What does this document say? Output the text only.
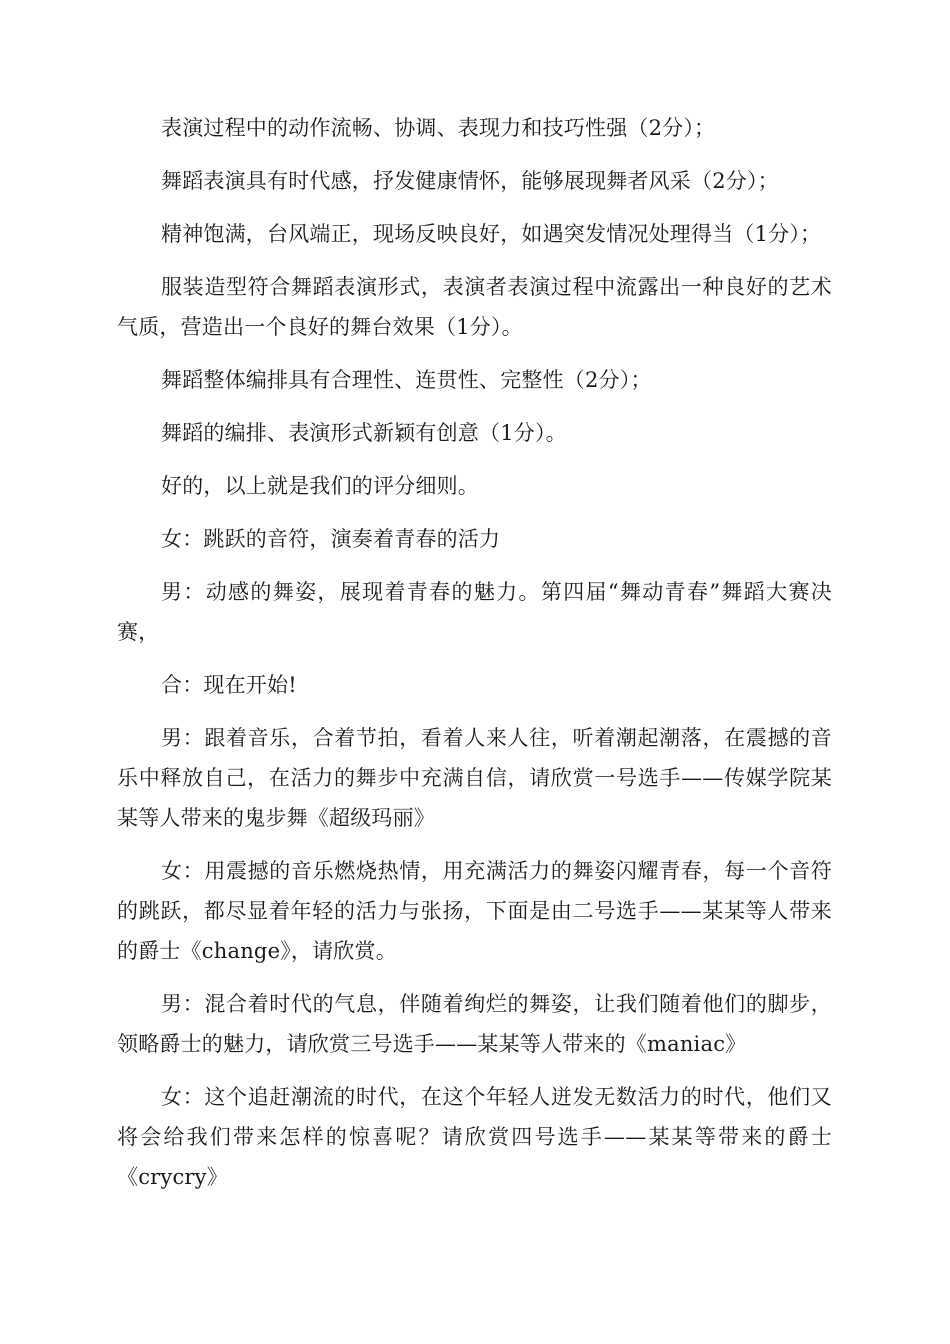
表演过程中的动作流畅、协调、表现力和技巧性强（2分）；

舞蹈表演具有时代感，抒发健康情怀，能够展现舞者风采（2分）；

精神饱满，台风端正，现场反映良好，如遇突发情况处理得当（1分）；

服装造型符合舞蹈表演形式，表演者表演过程中流露出一种良好的艺术气质，营造出一个良好的舞台效果（1分）。

舞蹈整体编排具有合理性、连贯性、完整性（2分）；

舞蹈的编排、表演形式新颖有创意（1分）。

好的，以上就是我们的评分细则。

女：跳跃的音符，演奏着青春的活力

男：动感的舞姿，展现着青春的魅力。第四届“舞动青春”舞蹈大赛决赛，

合：现在开始!

男：跟着音乐，合着节拍，看着人来人往，听着潮起潮落，在震撼的音乐中释放自己，在活力的舞步中充满自信，请欣赏一号选手——传媒学院某某等人带来的鬼步舞《超级玛丽》

女：用震撼的音乐燃烧热情，用充满活力的舞姿闪耀青春，每一个音符的跳跃，都尽显着年轻的活力与张扬，下面是由二号选手——某某等人带来的爵士《change》，请欣赏。

男：混合着时代的气息，伴随着绚烂的舞姿，让我们随着他们的脚步，领略爵士的魅力，请欣赏三号选手——某某等人带来的《maniac》

女：这个追赶潮流的时代，在这个年轻人迸发无数活力的时代，他们又将会给我们带来怎样的惊喜呢？请欣赏四号选手——某某等带来的爵士《crycry》
